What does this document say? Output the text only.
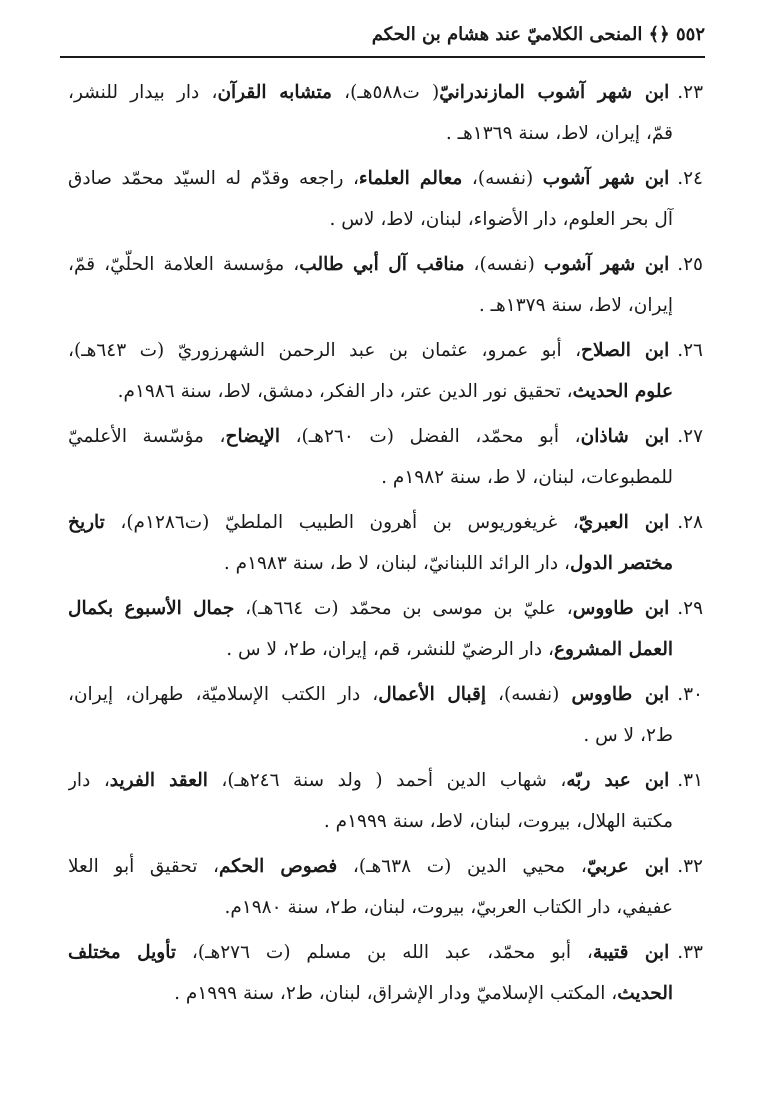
٥٥٢ ﴿﴾ المنحى الكلاميّ عند هشام بن الحكم
٢٣.ابن شهر آشوب المازندرانيّ( ت٥٨٨هـ)، متشابه القرآن، دار بيدار للنشر،
قمّ، إيران، لاط، سنة ١٣٦٩هـ .
٢٤.ابن شهر آشوب (نفسه)، معالم العلماء، راجعه وقدّم له السيّد محمّد صادق
آل بحر العلوم، دار الأضواء، لبنان، لاط، لاس .
٢٥.ابن شهر آشوب (نفسه)، مناقب آل أبي طالب، مؤسسة العلامة الحلّيّ، قمّ،
إيران، لاط، سنة ١٣٧٩هـ .
٢٦.ابن الصلاح، أبو عمرو، عثمان بن عبد الرحمن الشهرزوريّ (ت ٦٤٣هـ)،
علوم الحديث، تحقيق نور الدين عتر، دار الفكر، دمشق، لاط، سنة ١٩٨٦م.
٢٧.ابن شاذان، أبو محمّد، الفضل (ت ٢٦٠هـ)، الإيضاح، مؤسّسة الأعلميّ
للمطبوعات، لبنان، لا ط، سنة ١٩٨٢م .
٢٨.ابن العبريّ، غريغوريوس بن أهرون الطبيب الملطيّ (ت١٢٨٦م)، تاريخ
مختصر الدول، دار الرائد اللبنانيّ، لبنان، لا ط، سنة ١٩٨٣م .
٢٩.ابن طاووس، عليّ بن موسى بن محمّد (ت ٦٦٤هـ)، جمال الأسبوع بكمال
العمل المشروع، دار الرضيّ للنشر، قم، إيران، ط٢، لا س .
٣٠.ابن طاووس (نفسه)، إقبال الأعمال، دار الكتب الإسلاميّة، طهران، إيران،
ط٢، لا س .
٣١.ابن عبد ربّه، شهاب الدين أحمد ( ولد سنة ٢٤٦هـ)، العقد الفريد، دار
مكتبة الهلال، بيروت، لبنان، لاط، سنة ١٩٩٩م .
٣٢.ابن عربيّ، محيي الدين (ت ٦٣٨هـ)، فصوص الحكم، تحقيق أبو العلا
عفيفي، دار الكتاب العربيّ، بيروت، لبنان، ط٢، سنة ١٩٨٠م.
٣٣.ابن قتيبة، أبو محمّد، عبد الله بن مسلم (ت ٢٧٦هـ)، تأويل مختلف
الحديث، المكتب الإسلاميّ ودار الإشراق، لبنان، ط٢، سنة ١٩٩٩م .
